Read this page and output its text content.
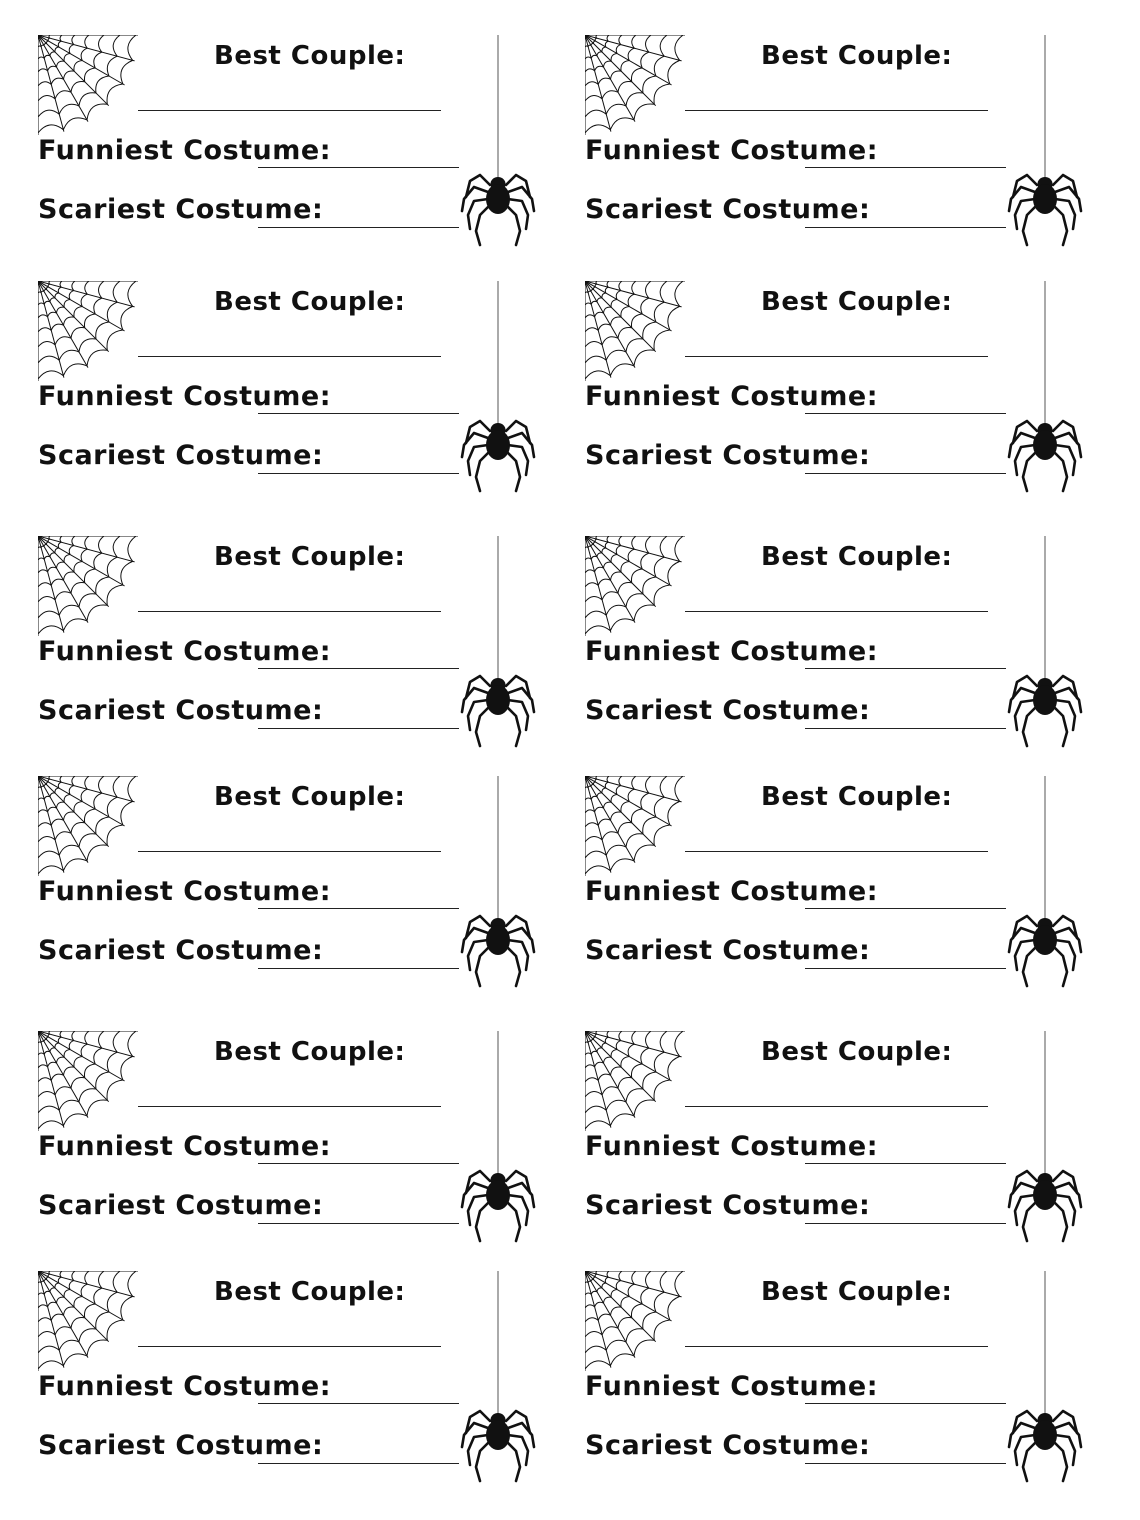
Best Couple:
Funniest Costume:
Scariest Costume:
Best Couple:
Funniest Costume:
Scariest Costume:
Best Couple:
Funniest Costume:
Scariest Costume:
Best Couple:
Funniest Costume:
Scariest Costume:
Best Couple:
Funniest Costume:
Scariest Costume:
Best Couple:
Funniest Costume:
Scariest Costume:
Best Couple:
Funniest Costume:
Scariest Costume:
Best Couple:
Funniest Costume:
Scariest Costume:
Best Couple:
Funniest Costume:
Scariest Costume:
Best Couple:
Funniest Costume:
Scariest Costume:
Best Couple:
Funniest Costume:
Scariest Costume:
Best Couple:
Funniest Costume:
Scariest Costume:
